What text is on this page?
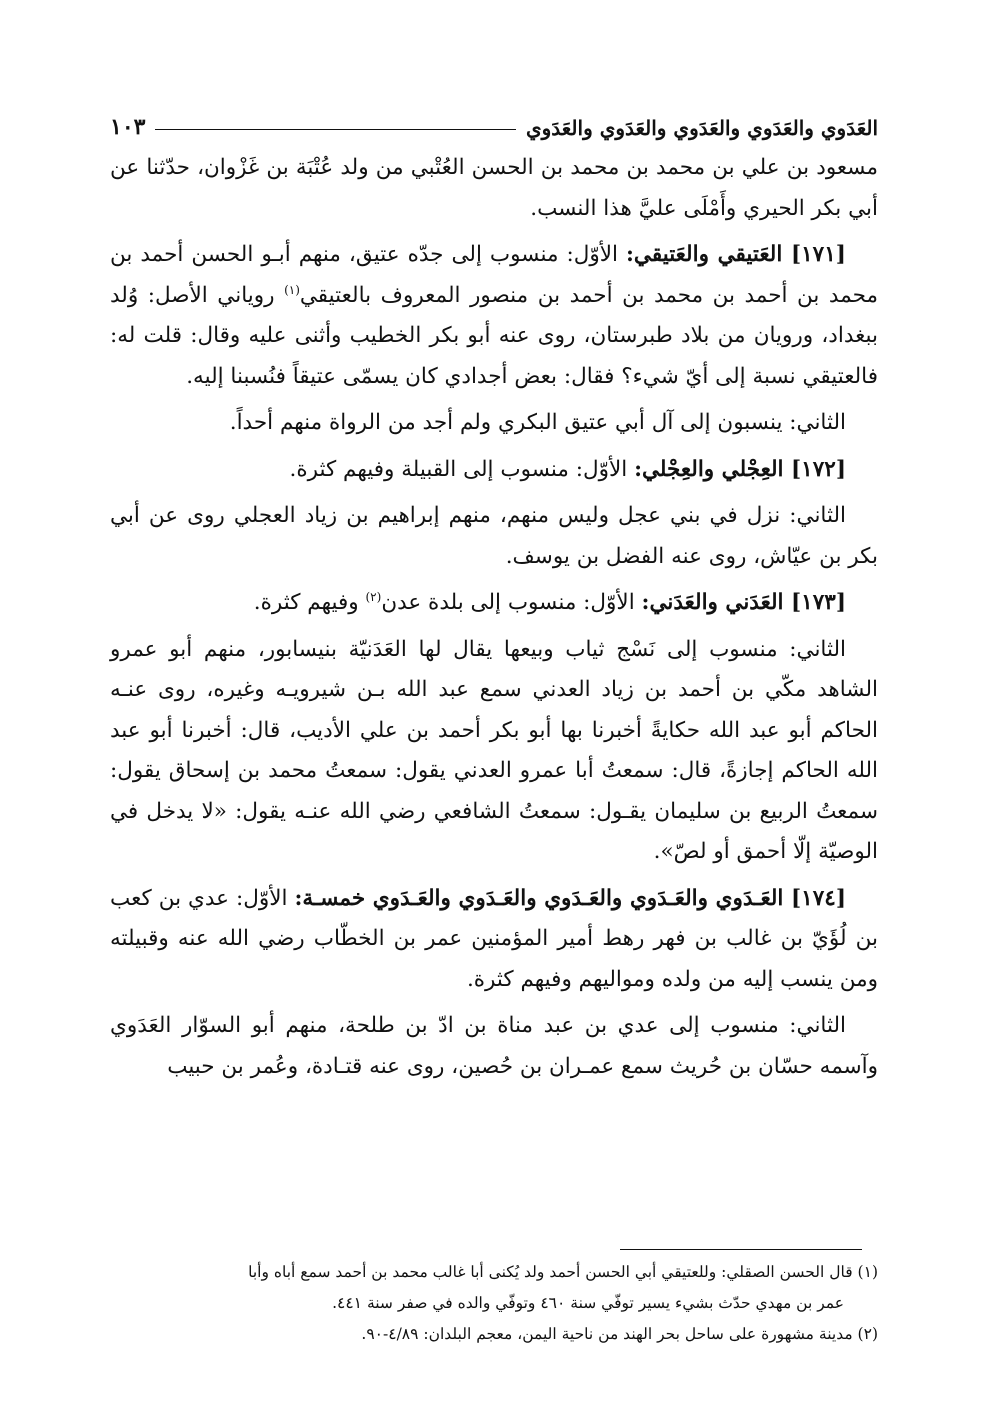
العَدَوي والعَدَوي والعَدَوي والعَدَوي والعَدَوي
١٠٣

مسعود بن علي بن محمد بن محمد بن الحسن العُتْبي من ولد عُتْبَة بن غَزْوان، حدّثنا عن أبي بكر الحيري وأَمْلَى عليَّ هذا النسب.

[١٧١] العَتيقي والعَتيقي: الأوّل: منسوب إلى جدّه عتيق، منهم أبـو الحسن أحمد بن محمد بن أحمد بن محمد بن أحمد بن منصور المعروف بالعتيقي$^{(١)}$ روياني الأصل: وُلد ببغداد، ورويان من بلاد طبرستان، روى عنه أبو بكر الخطيب وأثنى عليه وقال: قلت له: فالعتيقي نسبة إلى أيّ شيء؟ فقال: بعض أجدادي كان يسمّى عتيقاً فنُسبنا إليه.

الثاني: ينسبون إلى آل أبي عتيق البكري ولم أجد من الرواة منهم أحداً.

[١٧٢] العِجْلي والعِجْلي: الأوّل: منسوب إلى القبيلة وفيهم كثرة.

الثاني: نزل في بني عجل وليس منهم، منهم إبراهيم بن زياد العجلي روى عن أبي بكر بن عيّاش، روى عنه الفضل بن يوسف.

[١٧٣] العَدَني والعَدَني: الأوّل: منسوب إلى بلدة عدن$^{(٢)}$ وفيهم كثرة.

الثاني: منسوب إلى نَسْج ثياب وبيعها يقال لها العَدَنيّة بنيسابور، منهم أبو عمرو الشاهد مكّي بن أحمد بن زياد العدني سمع عبد الله بـن شيرويـه وغيره، روى عنـه الحاكم أبو عبد الله حكايةً أخبرنا بها أبو بكر أحمد بن علي الأديب، قال: أخبرنا أبو عبد الله الحاكم إجازةً، قال: سمعتُ أبا عمرو العدني يقول: سمعتُ محمد بن إسحاق يقول: سمعتُ الربيع بن سليمان يقـول: سمعتُ الشافعي رضي الله عنـه يقول: «لا يدخل في الوصيّة إلّا أحمق أو لصّ».

[١٧٤] العَـدَوي والعَـدَوي والعَـدَوي والعَـدَوي والعَـدَوي خمسـة: الأوّل: عدي بن كعب بن لُؤَيّ بن غالب بن فهر رهط أمير المؤمنين عمر بن الخطّاب رضي الله عنه وقبيلته ومن ينسب إليه من ولده ومواليهم وفيهم كثرة.

الثاني: منسوب إلى عدي بن عبد مناة بن ادّ بن طلحة، منهم أبو السوّار العَدَوي وآسمه حسّان بن حُريث سمع عمـران بن حُصين، روى عنه قتـادة، وعُمر بن حبيب

(١) قال الحسن الصقلي: وللعتيقي أبي الحسن أحمد ولد يُكنى أبا غالب محمد بن أحمد سمع أباه وأبا

عمر بن مهدي حدّث بشيء يسير توفّي سنة ٤٦٠ وتوفّي والده في صفر سنة ٤٤١.

(٢) مدينة مشهورة على ساحل بحر الهند من ناحية اليمن، معجم البلدان: ٤/٨٩-٩٠.
